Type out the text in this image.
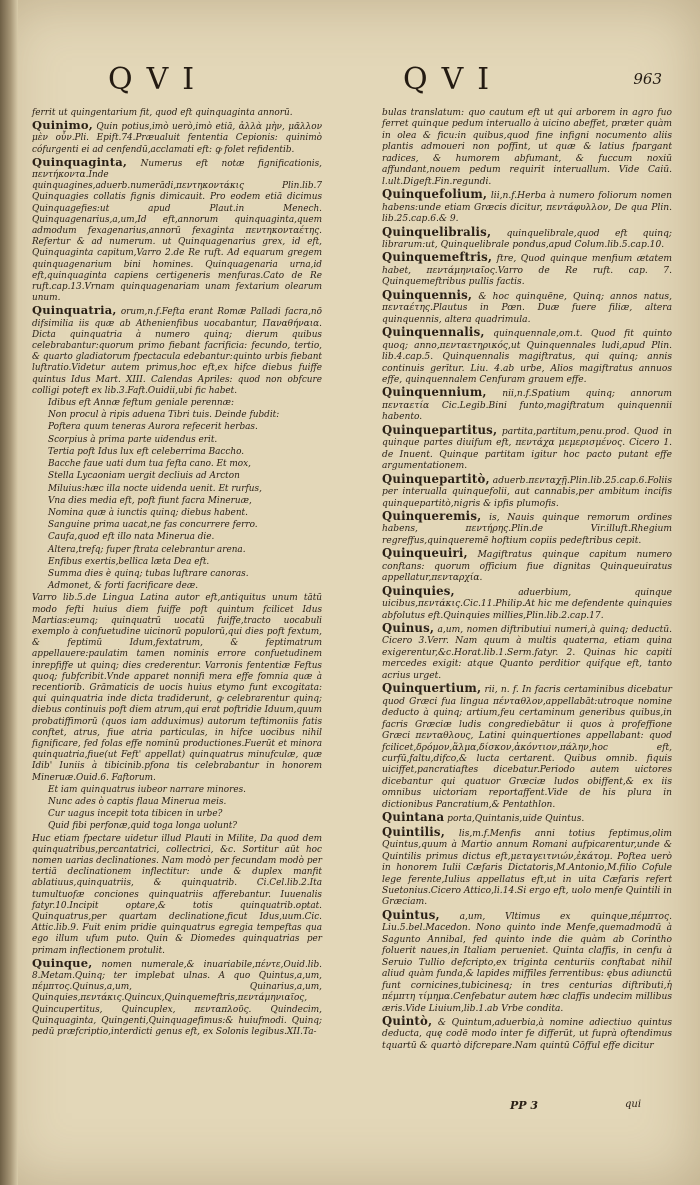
QVI	QVI	963

ferrit ut quingentarium fit, quod eft quinquaginta annorū.

Quinimo, Quin potius,imò uerò,imò etiā, ἀλλὰ μὴν, μᾶλλον μὲν οὖν.Pli. Epift.74.Præualuit fententia Cepionis: quinimò cófurgenti ei ad cenfendū,acclamati eft: ꝙ folet refidentib.

Quinquaginta, Numerus eft notæ fignificationis, πεντήκοντα.Inde quinquagines,aduerb.numerādi,πεντηκοντάκις Plin.lib.7 Quinquagies collatis fignis dimicauit. Pro eodem etiā dicimus Quinquagefies:ut apud Plaut.in Menech. Quinquagenarius,a,um,Id eft,annorum quinquaginta,quem admodum fexagenarius,annorū fexaginta πεντηκονταέτης. Refertur & ad numerum. ut Quinquagenarius grex, id eft, Quinquaginta capitum,Varro 2.de Re ruft. Ad equarum gregem quinquagenarium bini homines. Quinquagenaria urna,id eft,quinquaginta capiens certigeneris menfuras.Cato de Re ruft.cap.13.Vrnam quinquagenariam unam fextarium olearum unum.

Quinquatria, orum,n.f.Fefta erant Romæ Palladi facra,nō difsimilia iis quæ ab Athenienfibus uocabantur, Παναθήναια. Dicta quinquatria à numero quinq; dierum quibus celebrabantur:quorum primo fiebant facrificia: fecundo, tertio, & quarto gladiatorum fpectacula edebantur:quinto urbis fiebant luftratio.Videtur autem primus,hoc eft,ex hifce diebus fuiffe quintus Idus Mart. XIII. Calendas Apriles: quod non obfcure colligi poteft ex lib.3.Faft.Ouidii,ubi fic habet.

Idibus eft Annæ feftum geniale perennæ:

Non procul à ripis aduena Tibri tuis. Deinde fubdit:

Poftera quum teneras Aurora refecerit herbas.

Scorpius à prima parte uidendus erit.

Tertia poft Idus lux eft celeberrima Baccho.

Bacche faue uati dum tua fefta cano. Et mox,

Stella Lycaoniam uergit decliuis ad Arcton

Miluius:hæc illa nocte uidenda uenit. Et rurfus,

Vna dies media eft, poft fiunt facra Mineruæ,

Nomina quæ à iunctis quinq; diebus habent.

Sanguine prima uacat,ne fas concurrere ferro.

Caufa,quod eft illo nata Minerua die.

Altera,trefq; fuper ftrata celebrantur arena.

Enfibus exertis,bellica læta Dea eft.

Summa dies è quinq; tubas luftrare canoras.

Admonet, & forti facrificare deæ.

Varro lib.5.de Lingua Latina autor eft,antiquitus unum tātū modo fefti huius diem fuiffe poft quintum fcilicet Idus Martias:eumq; quinquatrū uocatū fuiffe,tracto uocabuli exemplo à confuetudine uicinorū populorū,qui dies poft fextum, & feptimū Idum,fextatrum, & feptimatrum appellauere:paulatim tamen nominis errore confuetudinem inrepfiffe ut quinq; dies crederentur. Varronis fententiæ Feftus quoq; fubfcribit.Vnde apparet nonnifi mera effe fomnia quæ à recentiorib. Grāmaticis de uocis huius etymo funt excogitata: qui quinquatria inde dicta tradiderunt, ꝙ celebrarentur quinq; diebus continuis poft diem atrum,qui erat poftridie Iduum,quum probatiffimorū (quos iam adduximus) autorum teftimoniis fatis conftet, atrus, fiue atria particulas, in hifce uocibus nihil fignificare, fed folas effe nominū productiones.Fuerūt et minora quinquatria,fiue(ut Feft' appellat) quinquatrus minufculæ, quæ Idib' Iuniis à tibicinib.pfona tis celebrabantur in honorem Mineruæ.Ouid.6. Faftorum.

Et iam quinquatrus iubeor narrare minores.

Nunc ades ò captis flaua Minerua meis.

Cur uagus incepit tota tibicen in urbe?

Quid fibi perfonæ,quid toga longa uolunt?

Huc etiam fpectare uidetur illud Plauti in Milite, Da quod dem quinquatribus,percantatrici, collectrici, &c. Sortitur aūt hoc nomen uarias declinationes. Nam modò per fecundam modò per tertiā declinationem inflectitur: unde & duplex manfit ablatiuus,quinquatriis, & quinquatrib. Ci.Cel.lib.2.Ita tumultuofæ conciones quinquatriis afferebantur. Iuuenalis fatyr.10.Incipit optare,& totis quinquatrib.optat. Quinquatrus,per quartam declinatione,ficut Idus,uum.Cic. Attic.lib.9. Fuit enim pridie quinquatrus egregia tempeftas qua ego illum ufum puto. Quin & Diomedes quinquatrias per primam inflectionem protulit.

Quinque, nomen numerale,& inuariabile,πέντε,Ouid.lib. 8.Metam.Quinq; ter implebat ulnas. A quo Quintus,a,um, πέμπτος.Quinus,a,um, Quinarius,a,um, Quinquies,πεντάκις.Quincux,Quinquemeftris,πεντάμηνιαῖος, Quincupertitus, Quincuplex, πενταπλοῦς. Quindecim, Quinquaginta, Quingenti,Quinquagefimus:& huiufmodi. Quinq; pedū præfcriptio,interdicti genus eft, ex Solonis legibus.XII.Ta-

bulas translatum: quo cautum eft ut qui arborem in agro fuo ferret quinque pedum interuallo à uicino abeffet, præter quàm in olea & ficu:in quibus,quod fine infigni nocumento aliis plantis admoueri non poffint, ut quæ & latius fpargant radices, & humorem abfumant, & fuccum noxiū affundant,nouem pedum requirit interuallum. Vide Caiū. l.ult.Digeft.Fin.regundi.

Quinquefolium, lii,n.f.Herba à numero foliorum nomen habens:unde etiam Græcis dicitur, πεντάφυλλον, De qua Plin. lib.25.cap.6.& 9.

Quinquelibralis, quinquelibrale,quod eft quinq; librarum:ut, Quinquelibrale pondus,apud Colum.lib.5.cap.10.

Quinquemeftris, ftre, Quod quinque menfium ætatem habet, πεντάμηνιαῖος.Varro de Re ruft. cap. 7. Quinquemeftribus pullis factis.

Quinquennis, & hoc quinquēne, Quinq; annos natus, πενταέτης.Plautus in Pœn. Duæ fuere filiæ, altera quinquennis, altera quadrimula.

Quinquennalis, quinquennale,om.t. Quod fit quinto quoq; anno,πενταετηρικός,ut Quinquennales ludi,apud Plin. lib.4.cap.5. Quinquennalis magiftratus, qui quinq; annis continuis gerītur. Liu. 4.ab urbe, Alios magiftratus annuos effe, quinquennalem Cenfuram grauem effe.

Quinquennium, nii,n.f.Spatium quinq; annorum πενταετία Cic.Legib.Bini funto,magiftratum quinquennii habento.

Quinquepartitus, partita,partitum,penu.prod. Quod in quinque partes diuifum eft, πεντάχα μεμερισμένος. Cicero 1. de Inuent. Quinque partitam igitur hoc pacto putant effe argumentationem.

Quinquepartitò, aduerb.πενταχῇ.Plin.lib.25.cap.6.Foliis per interualla quinquefolii, aut cannabis,per ambitum incifis quinquepartitò,nigris & ipfis plumofis.

Quinqueremis, is, Nauis quinque remorum ordines habens, πεντήρης.Plin.de Vir.illuft.Rhegium regreffus,quinqueremē hoftium copiis pedeftribus cepit.

Quinqueuiri, Magiftratus quinque capitum numero conftans: quorum officium fiue dignitas Quinqueuiratus appellatur,πενταρχία.

Quinquies,	aduerbium, quinque uicibus,πεντάκις.Cic.11.Philip.At hic me defendente quinquies abfolutus eft.Quinquies millies,Plin.lib.2.cap.17.

Quinus, a,um, nomen diftributiui numeri,à quinq; deductū. Cicero 3.Verr. Nam quum à multis quaterna, etiam quina exigerentur,&c.Horat.lib.1.Serm.fatyr. 2. Quinas hic capiti mercedes exigit: atque Quanto perditior quifque eft, tanto acrius urget.

Quinquertium, rii, n. f. In facris certaminibus dicebatur quod Græci fua lingua πένταθλον,appellabāt:utroque nomine deducto à quinq; artium,feu certaminum generibus quibus,in facris Græciæ ludis congrediebātur ii quos à profeffione Græci πενταθλους, Latini quinquertiones appellabant: quod fcilicet,δρόμον,ἅλμα,δίσκον,ἀκόντιον,πάλην,hoc eft, curfū,faltu,difco,& lucta certarent. Quibus omnib. fiquis uiciffet,pancratiaftes dicebatur.Periodo autem uictores dicebantur qui quatuor Græciæ ludos obiffent,& ex iis omnibus uictoriam reportaffent.Vide de his plura in dictionibus Pancratium,& Pentathlon.

Quintana porta,Quintanis,uide Quintus.

Quintilis, lis,m.f.Menfis anni totius feptimus,olim Quintus,quum à Martio annum Romani aufpicarentur,unde & Quintilis primus dictus eft,μεταγειτνιών,ἑκάτομ. Poftea uerò in honorem Iulii Cæfaris Dictatoris,M.Antonio,M.filio Cofule lege ferente,Iulius appellatus eft,ut in uita Cæfaris refert Suetonius.Cicero Attico,li.14.Si ergo eft, uolo menfe Quintili in Græciam.

Quintus, a,um, Vltimus ex quinque,πέμπτος. Liu.5.bel.Macedon. Nono quinto inde Menfe,quemadmodū à Sagunto Annibal, fed quinto inde die quàm ab Corintho foluerit naues,in Italiam perueniet. Quinta claffis, in cenfu à Seruio Tullio defcripto,ex triginta centuriis conftabat nihil aliud quàm funda,& lapides miffiles ferrentibus: ębus adiunctū funt cornicines,tubicinesq; in tres centurias diftributi,ἡ πέμπτη τίμημα.Cenfebatur autem hæc claffis undecim millibus æris.Vide Liuium,lib.1.ab Vrbe condita.

Quintò, & Quintum,aduerbia,à nomine adiectiuo quintus deducta, quę codē modo inter fe differūt, ut fuprà oftendimus tquartū & quartò difcrepare.Nam quintū Cōfful effe dicitur

PP 3	qui
